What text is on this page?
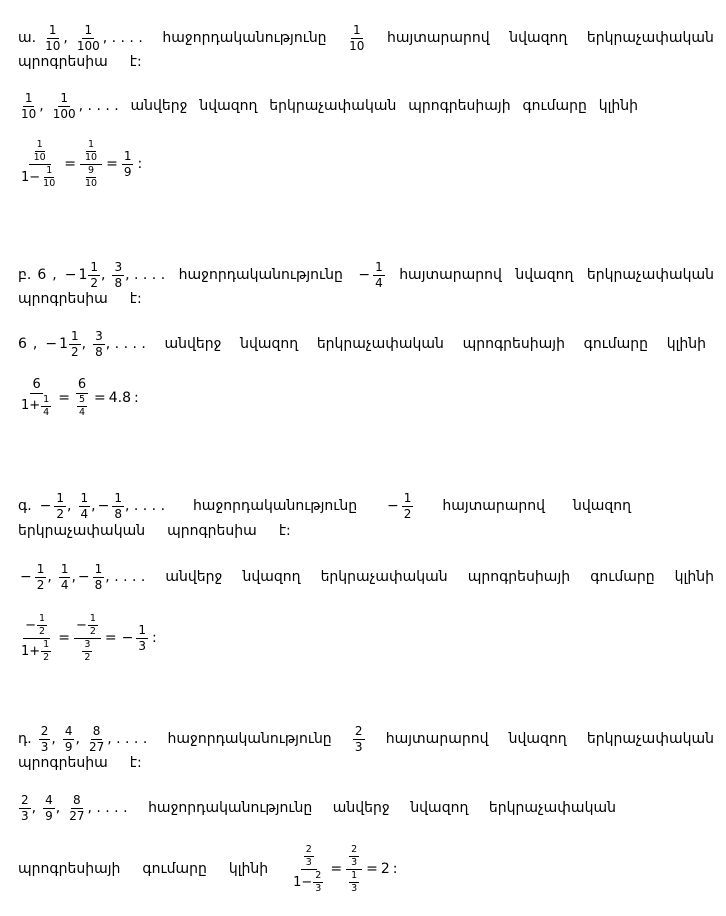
ա .
1
10 ,
1
100 , . . . . հաջորդականությունը
1
10 հայտարարով նվազող երկրաչափական
պրոգրեսիա է :
1
10 ,
1
100 , . . . . անվերջ նվազող երկրաչափական պրոգրեսիայի գումարը կլինի
1
10
$1- \frac{1}{10} = 1$
10
9
$10 = \frac{1}{9}$ :
բ . 6 , − 1
1
2 ,
3
8 , . . . . հաջորդականությունը − $\frac{1}{4}$ հայտարարով նվազող երկրաչափական
պրոգրեսիա է :
6 , − 1
1
2 ,
3
8 , . . . . անվերջ նվազող երկրաչափական պրոգրեսիայի գումարը կլինի
$\frac{6}{1+ \frac{1}{4}} = 6$
5
4 = 4.8 :
գ . − $\frac{1}{2}$ ,
1
4 , − $\frac{1}{8}$ , . . . . հաջորդականությունը − $\frac{1}{2}$ հայտարարով նվազող
երկրաչափական պրոգրեսիա է :
− $\frac{1}{2}$ ,
1
4 , − $\frac{1}{8}$ , . . . . անվերջ նվազող երկրաչափական պրոգրեսիայի գումարը կլինի
$\frac{- \frac{1}{2}}{1+ \frac{1}{2}}$ = − $\frac{1}{2}$
3
2 = − $\frac{1}{3}$ :
դ .
2
3 ,
4
9 ,
8
27 , . . . . հաջորդականությունը
2
3 հայտարարով նվազող երկրաչափական
պրոգրեսիա է :
2
3 ,
4
9 ,
8
27 , . . . . հաջորդականությունը անվերջ նվազող երկրաչափական
պրոգրեսիայի գումարը կլինի 2
3
$1- \frac{2}{3} = 2$
3
1
3 = 2 :
